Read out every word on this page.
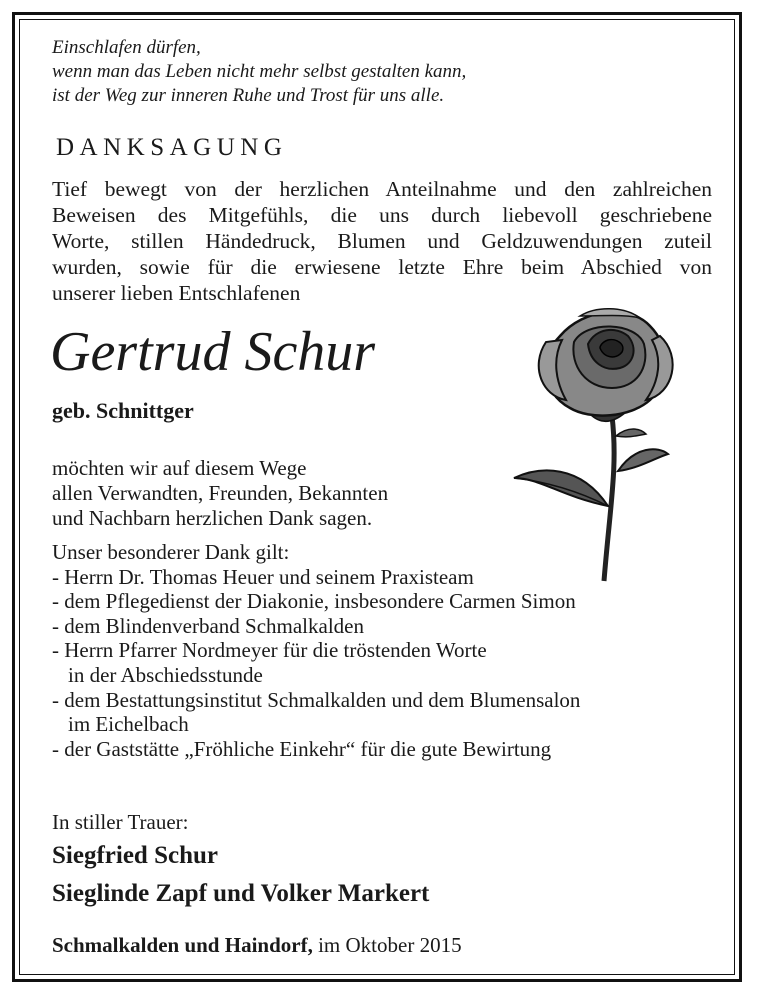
Einschlafen dürfen,
wenn man das Leben nicht mehr selbst gestalten kann,
ist der Weg zur inneren Ruhe und Trost für uns alle.
DANKSAGUNG
Tief bewegt von der herzlichen Anteilnahme und den zahlreichen
Beweisen des Mitgefühls, die uns durch liebevoll geschriebene
Worte, stillen Händedruck, Blumen und Geldzuwendungen zuteil
wurden, sowie für die erwiesene letzte Ehre beim Abschied von
unserer lieben Entschlafenen
Gertrud Schur
geb. Schnittger
möchten wir auf diesem Wege
allen Verwandten, Freunden, Bekannten
und Nachbarn herzlichen Dank sagen.
Unser besonderer Dank gilt:
- Herrn Dr. Thomas Heuer und seinem Praxisteam
- dem Pflegedienst der Diakonie, insbesondere Carmen Simon
- dem Blindenverband Schmalkalden
- Herrn Pfarrer Nordmeyer für die tröstenden Worte
in der Abschiedsstunde
- dem Bestattungsinstitut Schmalkalden und dem Blumensalon
im Eichelbach
- der Gaststätte „Fröhliche Einkehr“ für die gute Bewirtung
In stiller Trauer:
Siegfried Schur
Sieglinde Zapf und Volker Markert
Schmalkalden und Haindorf, im Oktober 2015
